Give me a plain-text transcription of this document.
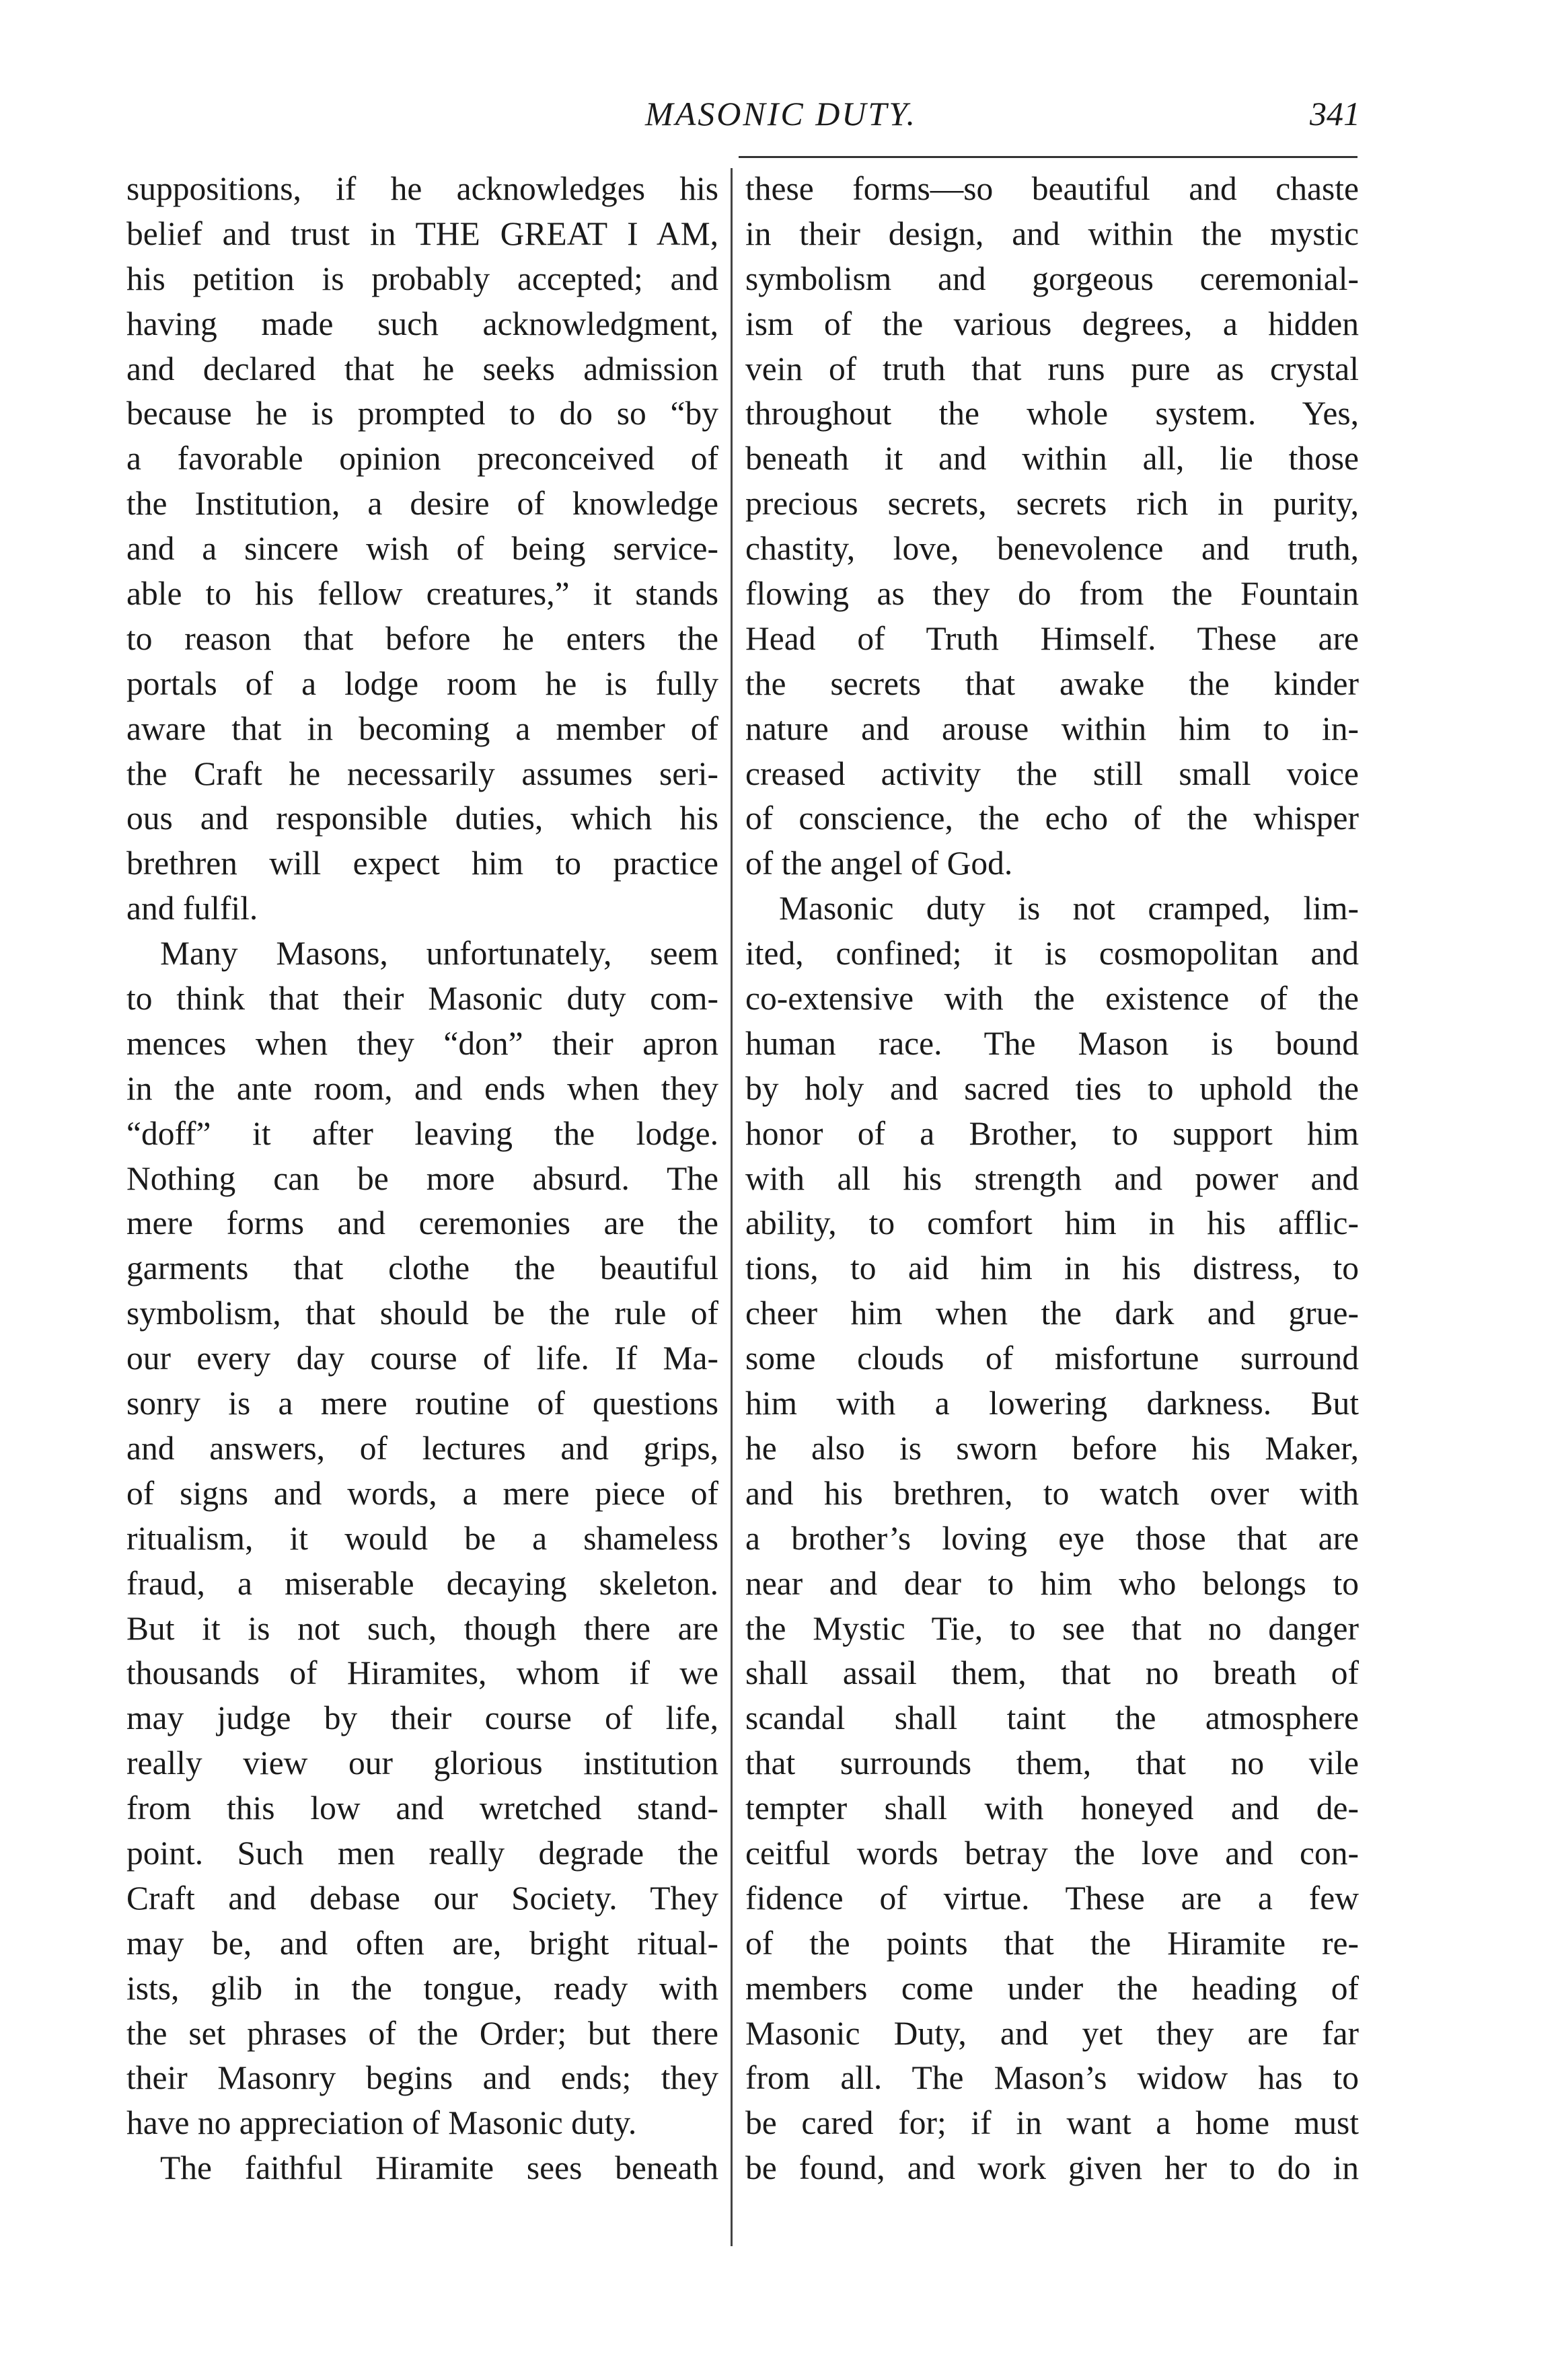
MASONIC DUTY.	341
suppositions, if he acknowledges his
belief and trust in THE GREAT I AM,
his petition is probably accepted; and
having made such acknowledgment,
and declared that he seeks admission
because he is prompted to do so “by
a favorable opinion preconceived of
the Institution, a desire of knowledge
and a sincere wish of being service-
able to his fellow creatures,” it stands
to reason that before he enters the
portals of a lodge room he is fully
aware that in becoming a member of
the Craft he necessarily assumes seri-
ous and responsible duties, which his
brethren will expect him to practice
and fulfil.
Many Masons, unfortunately, seem
to think that their Masonic duty com-
mences when they “don” their apron
in the ante room, and ends when they
“doff” it after leaving the lodge.
Nothing can be more absurd. The
mere forms and ceremonies are the
garments that clothe the beautiful
symbolism, that should be the rule of
our every day course of life. If Ma-
sonry is a mere routine of questions
and answers, of lectures and grips,
of signs and words, a mere piece of
ritualism, it would be a shameless
fraud, a miserable decaying skeleton.
But it is not such, though there are
thousands of Hiramites, whom if we
may judge by their course of life,
really view our glorious institution
from this low and wretched stand-
point. Such men really degrade the
Craft and debase our Society. They
may be, and often are, bright ritual-
ists, glib in the tongue, ready with
the set phrases of the Order; but there
their Masonry begins and ends; they
have no appreciation of Masonic duty.
The faithful Hiramite sees beneath
these forms—so beautiful and chaste
in their design, and within the mystic
symbolism and gorgeous ceremonial-
ism of the various degrees, a hidden
vein of truth that runs pure as crystal
throughout the whole system. Yes,
beneath it and within all, lie those
precious secrets, secrets rich in purity,
chastity, love, benevolence and truth,
flowing as they do from the Fountain
Head of Truth Himself. These are
the secrets that awake the kinder
nature and arouse within him to in-
creased activity the still small voice
of conscience, the echo of the whisper
of the angel of God.
Masonic duty is not cramped, lim-
ited, confined; it is cosmopolitan and
co-extensive with the existence of the
human race. The Mason is bound
by holy and sacred ties to uphold the
honor of a Brother, to support him
with all his strength and power and
ability, to comfort him in his afflic-
tions, to aid him in his distress, to
cheer him when the dark and grue-
some clouds of misfortune surround
him with a lowering darkness. But
he also is sworn before his Maker,
and his brethren, to watch over with
a brother’s loving eye those that are
near and dear to him who belongs to
the Mystic Tie, to see that no danger
shall assail them, that no breath of
scandal shall taint the atmosphere
that surrounds them, that no vile
tempter shall with honeyed and de-
ceitful words betray the love and con-
fidence of virtue. These are a few
of the points that the Hiramite re-
members come under the heading of
Masonic Duty, and yet they are far
from all. The Mason’s widow has to
be cared for; if in want a home must
be found, and work given her to do in
